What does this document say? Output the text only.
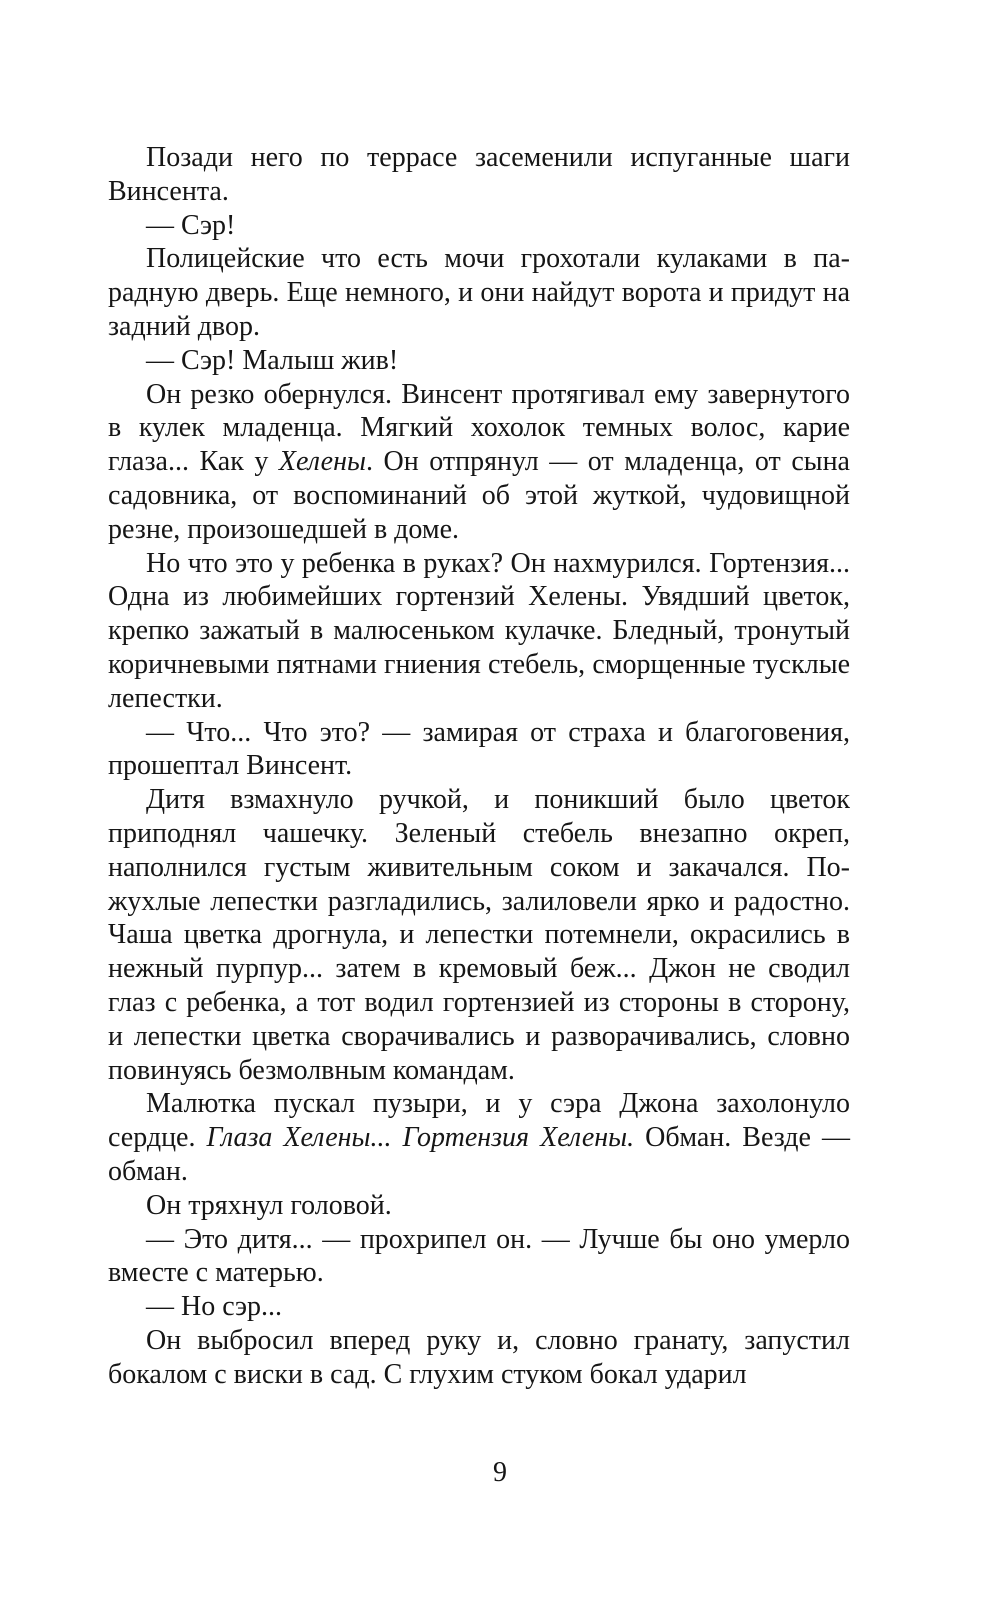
Позади него по террасе засеменили испуганные шаги Винсента.

— Сэр!

Полицейские что есть мочи грохотали кулаками в парадную дверь. Еще немного, и они найдут ворота и придут на задний двор.

— Сэр! Малыш жив!

Он резко обернулся. Винсент протягивал ему завернутого в кулек младенца. Мягкий хохолок темных волос, карие глаза... Как у Хелены. Он отпрянул — от младенца, от сына садовника, от воспоминаний об этой жуткой, чудовищной резне, произошедшей в доме.

Но что это у ребенка в руках? Он нахмурился. Гортензия... Одна из любимейших гортензий Хелены. Увядший цветок, крепко зажатый в малюсеньком кулачке. Бледный, тронутый коричневыми пятнами гниения стебель, сморщенные тусклые лепестки.

— Что... Что это? — замирая от страха и благоговения, прошептал Винсент.

Дитя взмахнуло ручкой, и поникший было цветок приподнял чашечку. Зеленый стебель внезапно окреп, наполнился густым живительным соком и закачался. Пожухлые лепестки разгладились, залиловели ярко и радостно. Чаша цветка дрогнула, и лепестки потемнели, окрасились в нежный пурпур... затем в кремовый беж... Джон не сводил глаз с ребенка, а тот водил гортензией из стороны в сторону, и лепестки цветка сворачивались и разворачивались, словно повинуясь безмолвным командам.

Малютка пускал пузыри, и у сэра Джона захолонуло сердце. Глаза Хелены... Гортензия Хелены. Обман. Везде — обман.

Он тряхнул головой.

— Это дитя... — прохрипел он. — Лучше бы оно умерло вместе с матерью.

— Но сэр...

Он выбросил вперед руку и, словно гранату, запустил бокалом с виски в сад. С глухим стуком бокал ударил

9
